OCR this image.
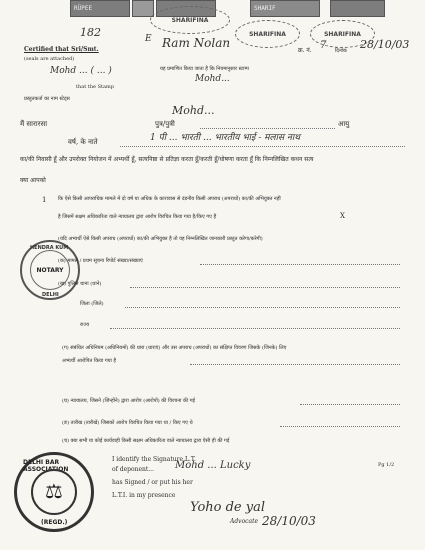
RÜPEE	SHARIF
SHARIFINA
SHARIFINA	SHARIFINA
182	E Ram Nolan
क्र. नं. 7 दिनांक 28/10/03
Certified that Sri/Smt.
(seals are attached)
Mohd ... ( ... )	यह प्रमाणित किया जाता है कि नियमानुसार स्टाम्प
that the Stamp
प्रस्तुतकर्ता का नाम स्टेट्स
Mohd...
Mohd...
मैं सारारसा	पुत्र/पुत्री	आयु
वर्ष, के नाते	1 पी ... भारती ... भारतीय भाई - मलास नाथ
का/की निवासी हूँ और उपरोक्त नियोजन में अभ्यर्थी हूँ, सत्यनिष्ठा से प्रतिज्ञा करता हूँ/करती हूँ/घोषणा करता हूँ कि निम्नलिखित कथन सत्य
क्या आपको
1 कि ऐसे किसी आपराधिक मामले में दो वर्ष या अधिक के कारावास से दंडनीय किसी अपराध (अपराधों) का/की अभियुक्त नहीं
है जिसमें सक्षम अधिकारिता वाले न्यायालय द्वारा आरोप विरचित किया गया है/किए गए हैं	X
(यदि अभ्यर्थी ऐसे किसी अपराध (अपराधों) का/की अभियुक्त है तो वह निम्नलिखित जानकारी प्रस्तुत करेगा/करेगी)
HENDRA KUM
NOTARY
DELHI
(क) मामले / प्रथम सूचना रिपोर्ट संख्या/संख्याएं
(ख) पुलिस थाना (थाने)
जिला (जिले)
राज्य
(ग) संबंधित अधिनियम (अधिनियमों) की धारा (धाराएं) और उस अपराध (अपराधों) का संक्षिप्त विवरण जिसके (जिनके) लिए
अभ्यर्थी आरोपित किया गया है
(घ) न्यायालय, जिसने (जिन्होंने) द्वारा आरोप (आरोपों) की विरचना की गई
(ङ) तारीख (तारीखें) जिसको आरोप विरचित किया गया था / किए गए थे
(च) क्या सभी या कोई कार्यवाही किसी सक्षम अधिकारिता वाले न्यायालय द्वारा ऐसी ही की गई
I identify the Signature L.T.
of deponent... Mohd ... Lucky
has Signed / or put his her
L.T.I. in my presence
Yoho de yal
Advocate 28/10/03
Pg 1/2
DELHI BAR ASSOCIATION
⚖
(REGD.)
